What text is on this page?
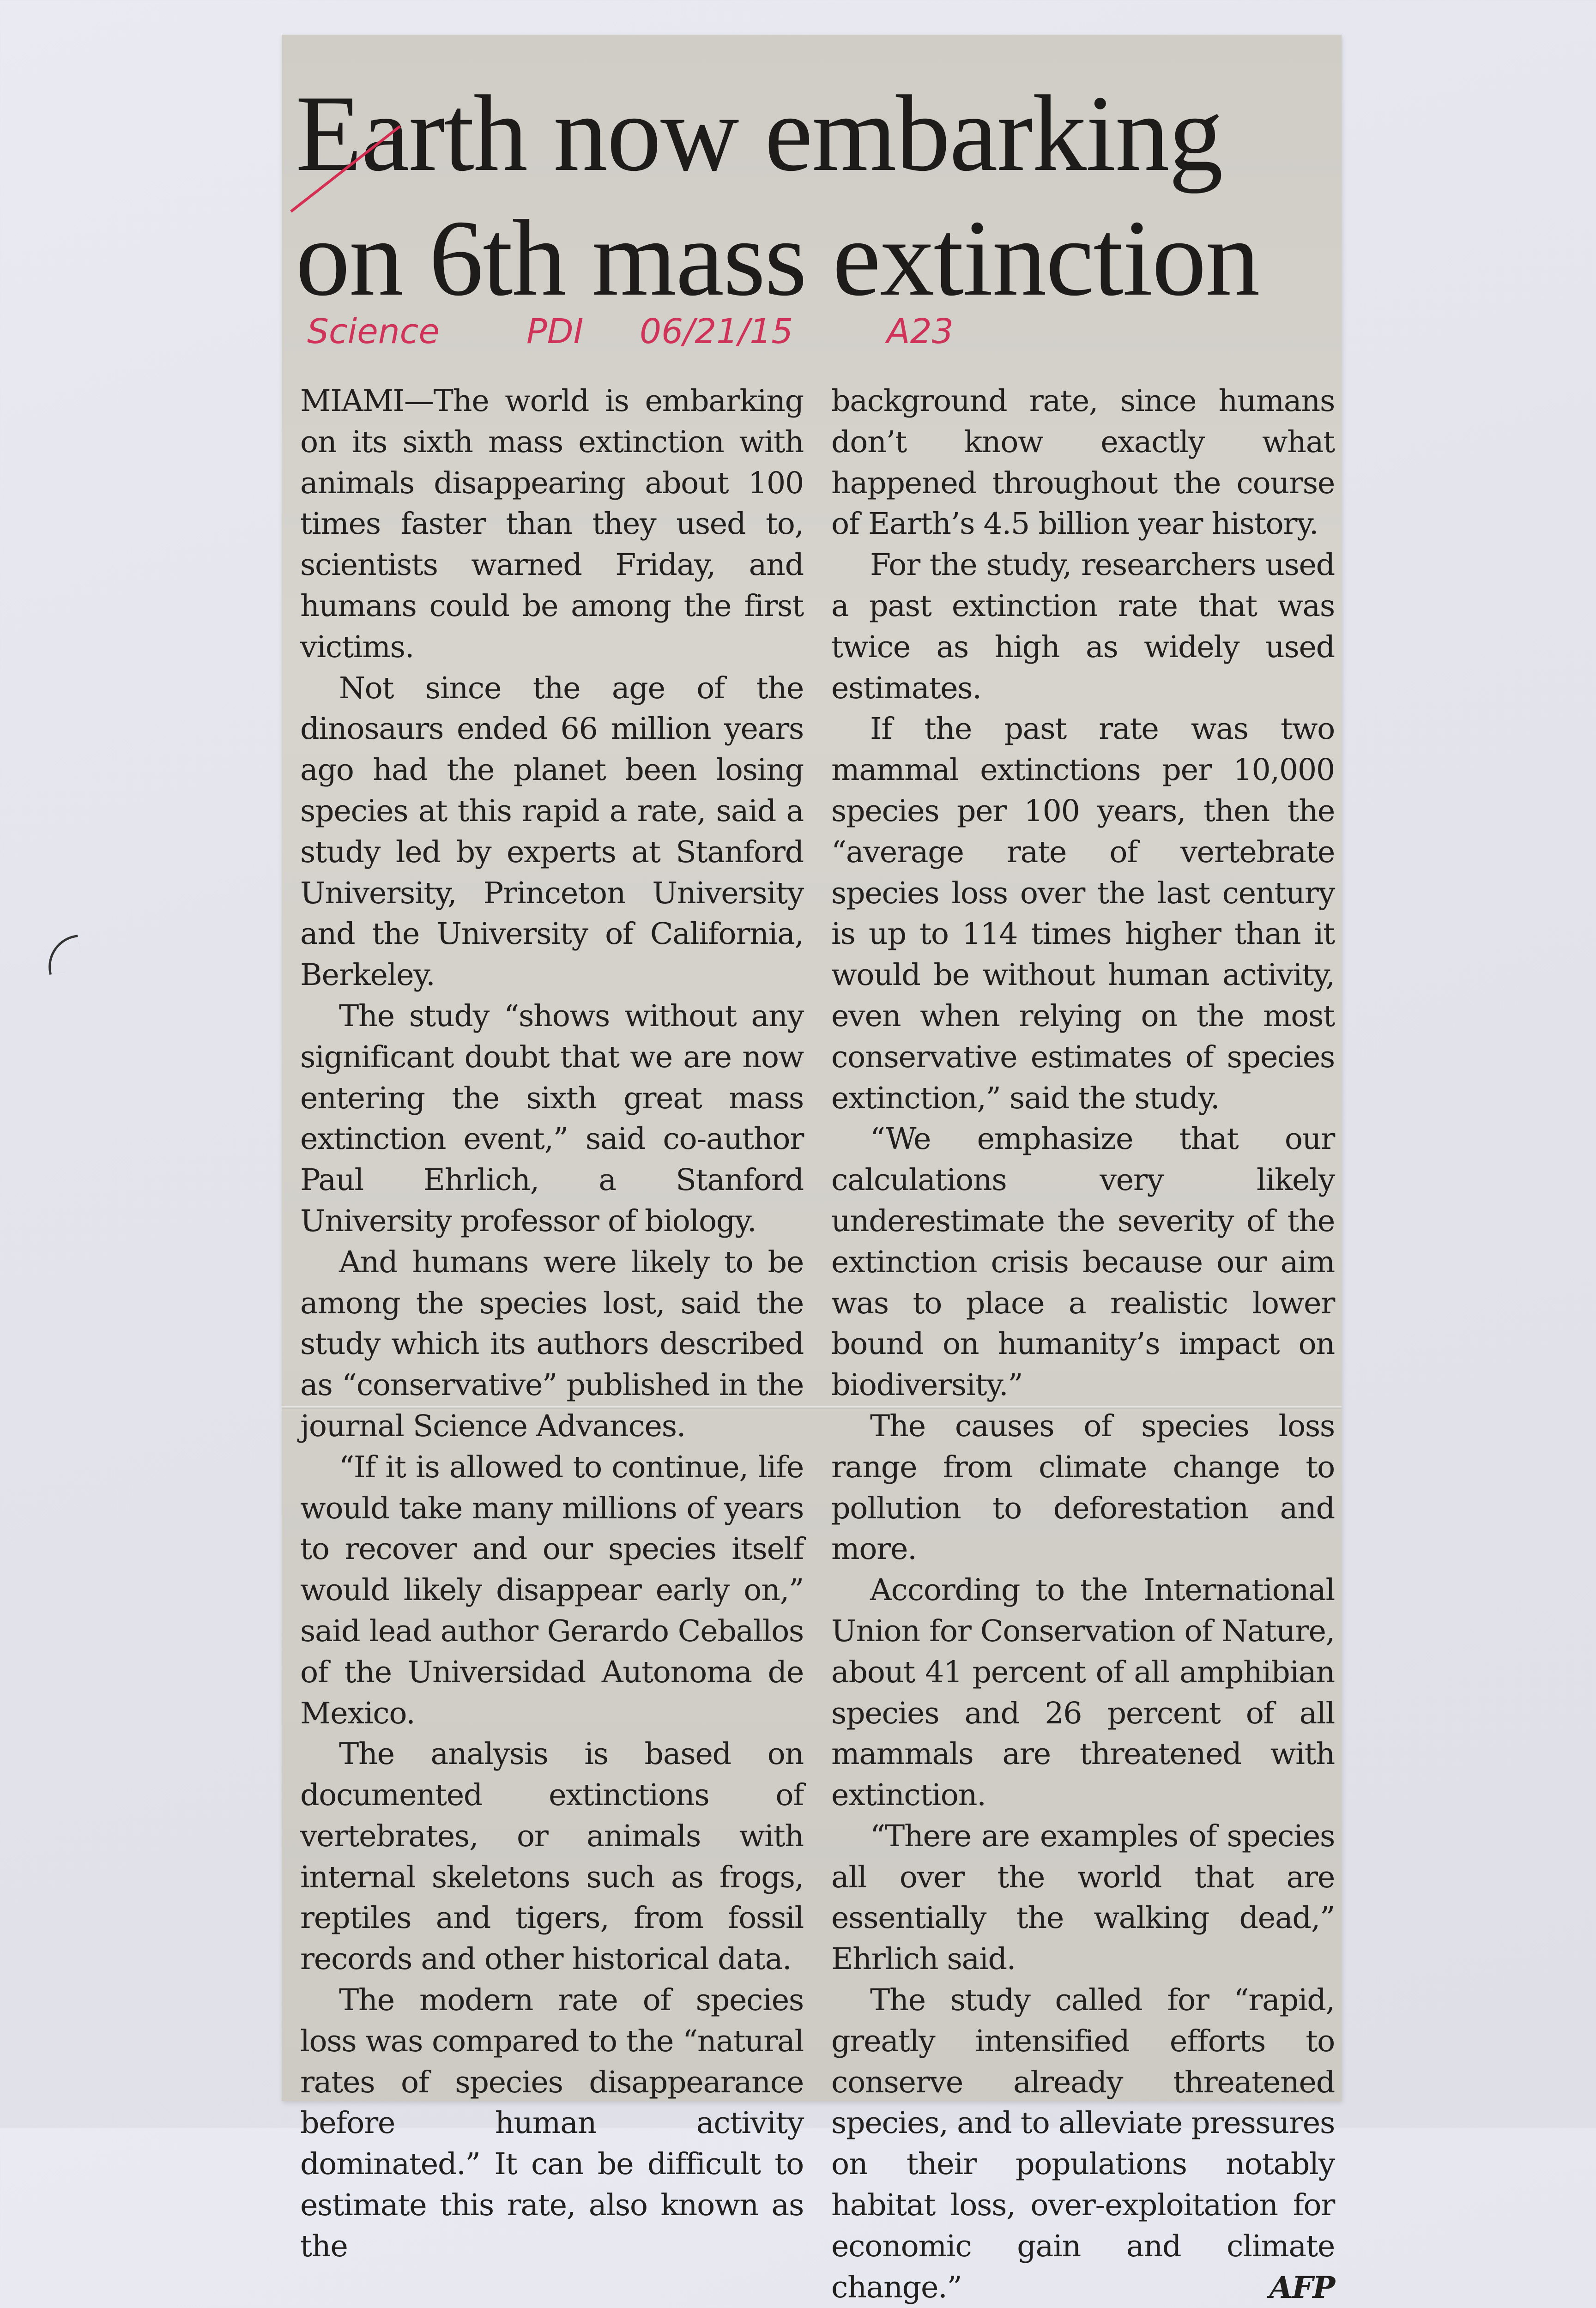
Earth now embarking
on 6th mass extinction
Science	PDI 06/21/15	A23

MIAMI—The world is embarking on its sixth mass extinction with animals disappearing about 100 times faster than they used to, scientists warned Friday, and humans could be among the first victims.

Not since the age of the dinosaurs ended 66 million years ago had the planet been losing species at this rapid a rate, said a study led by experts at Stanford University, Princeton University and the University of California, Berkeley.

The study “shows without any significant doubt that we are now entering the sixth great mass extinction event,” said co-author Paul Ehrlich, a Stanford University professor of biology.

And humans were likely to be among the species lost, said the study which its authors described as “conservative” published in the journal Science Advances.

“If it is allowed to continue, life would take many millions of years to recover and our species itself would likely disappear early on,” said lead author Gerardo Ceballos of the Universidad Autonoma de Mexico.

The analysis is based on documented extinctions of vertebrates, or animals with internal skeletons such as frogs, reptiles and tigers, from fossil records and other historical data.

The modern rate of species loss was compared to the “natural rates of species disappearance before human activity dominated.” It can be difficult to estimate this rate, also known as the

background rate, since humans don’t know exactly what happened throughout the course of Earth’s 4.5 billion year history.

For the study, researchers used a past extinction rate that was twice as high as widely used estimates.

If the past rate was two mammal extinctions per 10,000 species per 100 years, then the “average rate of vertebrate species loss over the last century is up to 114 times higher than it would be without human activity, even when relying on the most conservative estimates of species extinction,” said the study.

“We emphasize that our calculations very likely underestimate the severity of the extinction crisis because our aim was to place a realistic lower bound on humanity’s impact on biodiversity.”

The causes of species loss range from climate change to pollution to deforestation and more.

According to the International Union for Conservation of Nature, about 41 percent of all amphibian species and 26 percent of all mammals are threatened with extinction.

“There are examples of species all over the world that are essentially the walking dead,” Ehrlich said.

The study called for “rapid, greatly intensified efforts to conserve already threatened species, and to alleviate pressures on their populations notably habitat loss, over-exploitation for economic gain and climate change.”	AFP
